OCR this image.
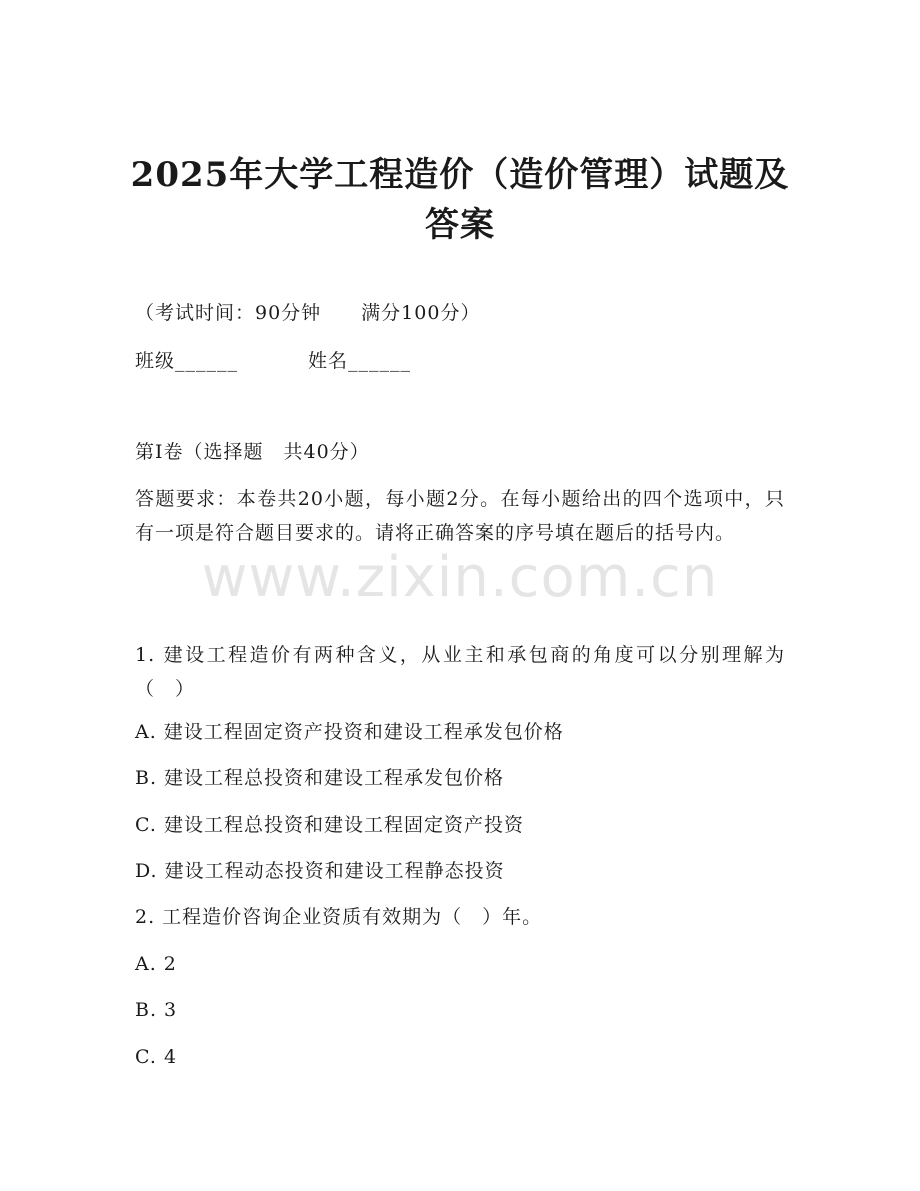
2025年大学工程造价（造价管理）试题及答案
（考试时间：90分钟　　满分100分）
班级______	姓名______
第I卷（选择题　共40分）
答题要求：本卷共20小题，每小题2分。在每小题给出的四个选项中，只有一项是符合题目要求的。请将正确答案的序号填在题后的括号内。
1. 建设工程造价有两种含义，从业主和承包商的角度可以分别理解为（　）
A. 建设工程固定资产投资和建设工程承发包价格
B. 建设工程总投资和建设工程承发包价格
C. 建设工程总投资和建设工程固定资产投资
D. 建设工程动态投资和建设工程静态投资
2. 工程造价咨询企业资质有效期为（　）年。
A. 2
B. 3
C. 4
www.zixin.com.cn
